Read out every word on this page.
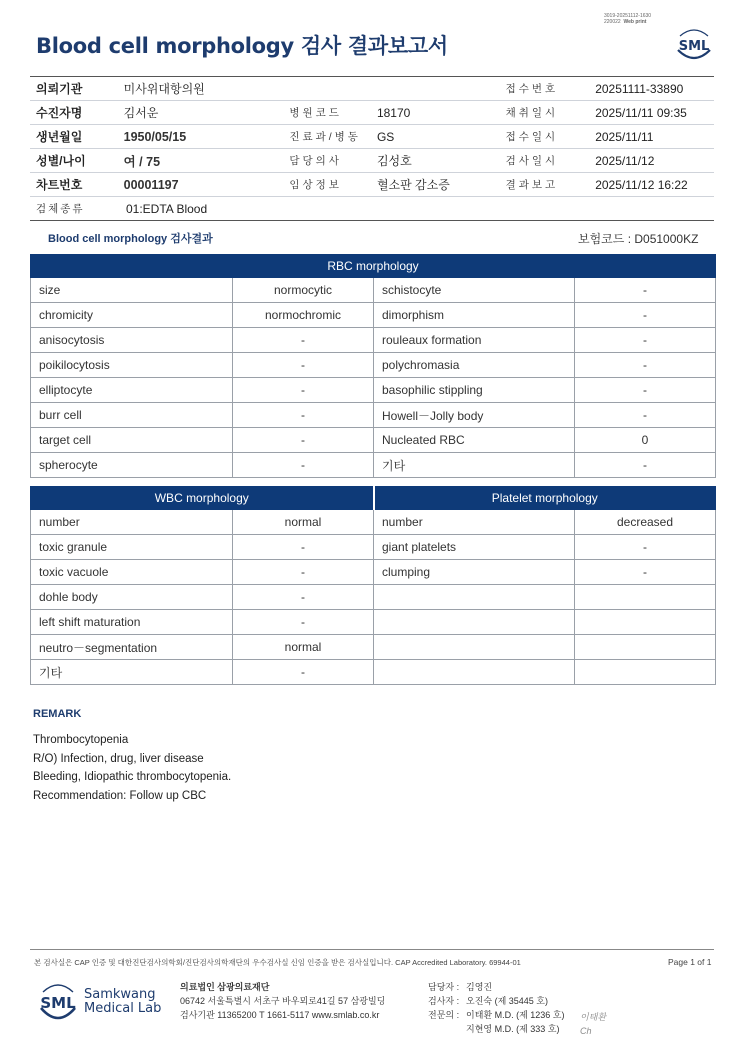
Blood cell morphology 검사 결과보고서
3019-20251112-1630
220022 Web print
SML
의뢰기관	미사위대항의원	접수번호	20251111-33890
수진자명	김서운	병원코드	18170	채취일시	2025/11/11 09:35
생년월일	1950/05/15	진료과/병동	GS	접수일시	2025/11/11
성별/나이	여 / 75	담당의사	김성호	검사일시	2025/11/12
차트번호	00001197	임상정보	혈소판 감소증	결과보고	2025/11/12 16:22
검체종류	01:EDTA Blood
Blood cell morphology 검사결과	보험코드 : D051000KZ
RBC morphology			
size	normocytic	schistocyte	-
chromicity	normochromic	dimorphism	-
anisocytosis	-	rouleaux formation	-
poikilocytosis	-	polychromasia	-
elliptocyte	-	basophilic stippling	-
burr cell	-	Howell－Jolly body	-
target cell	-	Nucleated RBC	0
spherocyte	-	기타	-
WBC morphology		Platelet morphology	
number	normal	number	decreased
toxic granule	-	giant platelets	-
toxic vacuole	-	clumping	-
dohle body	-		
left shift maturation	-		
neutro－segmentation	normal		
기타	-		
REMARK
Thrombocytopenia
R/O) Infection, drug, liver disease
Bleeding, Idiopathic thrombocytopenia.
Recommendation: Follow up CBC
본 검사실은 CAP 인증 및 대한진단검사의학회/진단검사의학재단의 우수검사실 신임 인증을 받은 검사실입니다. CAP Accredited Laboratory. 69944-01	Page 1 of 1
SML Samkwang
Medical Lab
의료법인 삼광의료재단
06742 서울특별시 서초구 바우뫼로41길 57 삼광빌딩
검사기관 11365200 T 1661-5117 www.smlab.co.kr
담당자 : 김영진
검사자 : 오진숙 (제 35445 호)
전문의 : 이태환 M.D. (제 1236 호)
지현영 M.D. (제 333 호)
이태환
Ch
